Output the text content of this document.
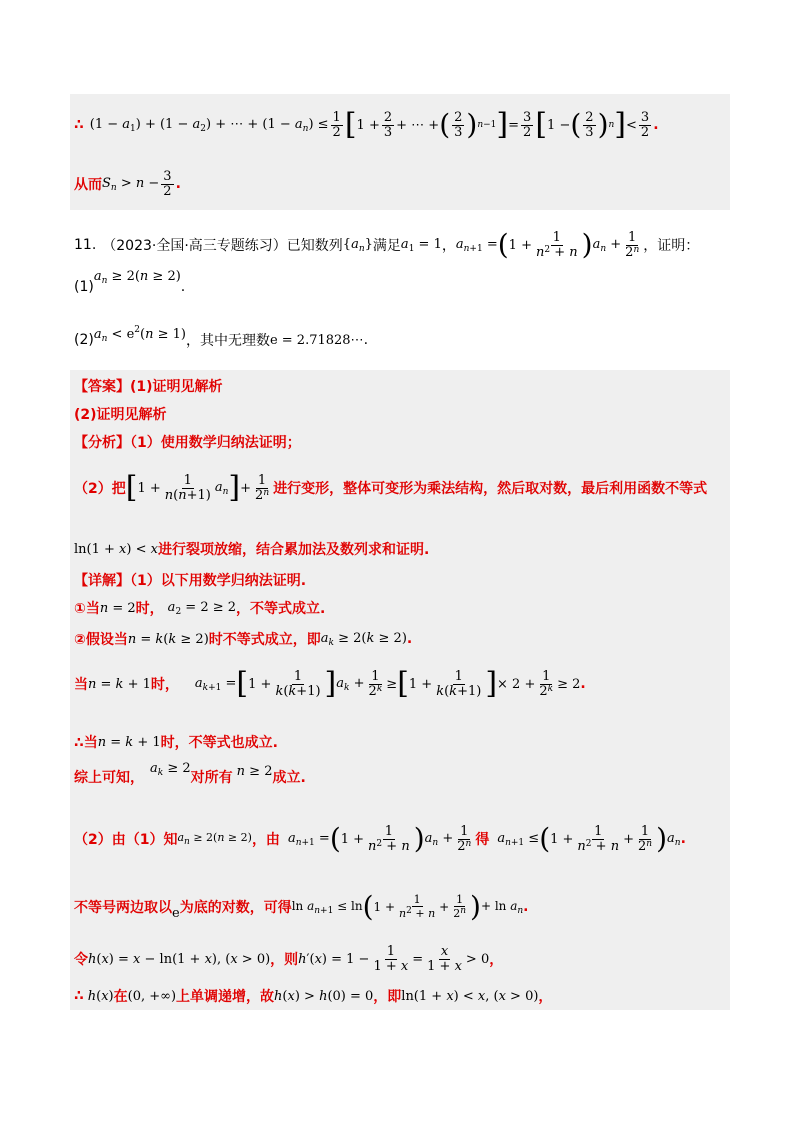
∴ $(1 - a_1) + (1 - a_2)$ + ⋯ + $(1 - a_n) \le \frac{1}{2}$ [ $1 + \frac{2}{3}$ + ⋯ + ( $\frac{2}{3}$ ) n−1 ] = $\frac{3}{2}$ [ 1 − ( $\frac{2}{3}$ ) n ] < $\frac{3}{2}$ .
从而 $S_n > n - \frac{3}{2}$ .
11. （2023·全国·高三专题练习）已知数列 $\{a_n\}$ 满足 $a_1 = 1$ ， $a_{n+1}$ = ( $1 + \frac{1}{n^2 + n}$ ) $a_n + \frac{1}{2^n}$ ，证明：
(1)
$a_n \ge 2(n \ge 2)$
.
(2) $a_n < e^2(n \ge 1)$ ，其中无理数 e = 2.71828⋯ .
【答案】(1)证明见解析
(2)证明见解析
【分析】（1）使用数学归纳法证明；
（2）把 [ $1 + \frac{1}{n(n+1)} a_n$ ] + $\frac{1}{2^n}$ 进行变形，整体可变形为乘法结构，然后取对数，最后利用函数不等式
ln(1 + x) < x 进行裂项放缩，结合累加法及数列求和证明.
【详解】（1）以下用数学归纳法证明.
①当 n = 2 时， $a_2 = 2 \ge 2$ ，不等式成立.
②假设当 n = k(k ≥ 2) 时不等式成立，即 $a_k \ge 2(k \ge 2)$ .
当 n = k + 1 时， $a_{k+1}$ = [ $1 + \frac{1}{k(k+1)}$ ] $a_k + \frac{1}{2^k}$ ≥ [ $1 + \frac{1}{k(k+1)}$ ] × $2 + \frac{1}{2^k} \ge 2$ .
∴当 n = k + 1 时，不等式也成立.
综上可知，
$a_k \ge 2$
对所有 n ≥ 2 成立.
（2）由（1）知 $a_n \ge 2(n \ge 2)$ ，由 $a_{n+1}$ = ( $1 + \frac{1}{n^2 + n}$ ) $a_n + \frac{1}{2^n}$ 得 $a_{n+1}$ ≤ ( $1 + \frac{1}{n^2 + n} + \frac{1}{2^n}$ ) $a_n$ .
不等号两边取以 e 为底的对数，可得 $\ln a_{n+1} \le \ln$ ( $1 + \frac{1}{n^2 + n} + \frac{1}{2^n}$ ) + $\ln a_n$ .
令 h(x) = x − ln(1 + x), (x > 0) ，则 $h'(x) = 1 - \frac{1}{1 + x} = \frac{x}{1 + x} > 0$ ，
∴ h(x) 在 (0, +∞) 上单调递增，故 h(x) > h(0) = 0 ，即 ln(1 + x) < x, (x > 0) ，
